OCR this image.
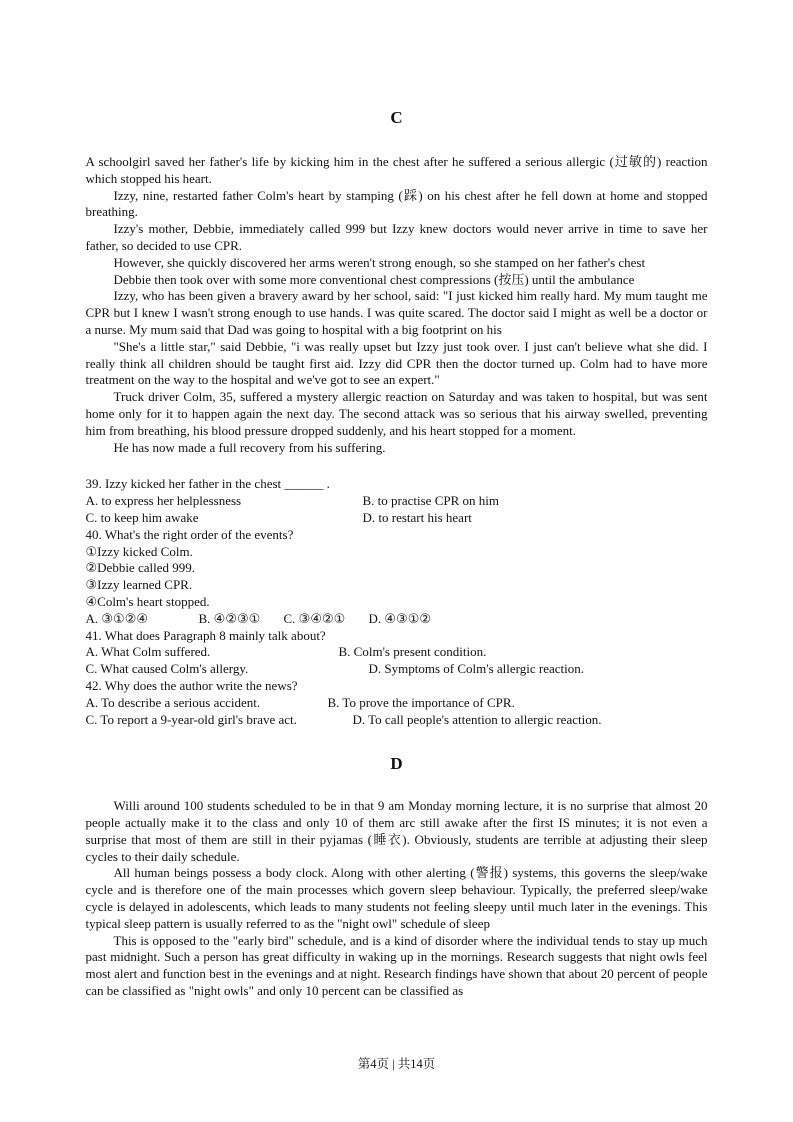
C

A schoolgirl saved her father's life by kicking him in the chest after he suffered a serious allergic (过敏的) reaction which stopped his heart.

Izzy, nine, restarted father Colm's heart by stamping (踩) on his chest after he fell down at home and stopped breathing.

Izzy's mother, Debbie, immediately called 999 but Izzy knew doctors would never arrive in time to save her father, so decided to use CPR.

However, she quickly discovered her arms weren't strong enough, so she stamped on her father's chest

Debbie then took over with some more conventional chest compressions (按压) until the ambulance

Izzy, who has been given a bravery award by her school, said: "I just kicked him really hard. My mum taught me CPR but I knew I wasn't strong enough to use hands. I was quite scared. The doctor said I might as well be a doctor or a nurse. My mum said that Dad was going to hospital with a big footprint on his

"She's a little star," said Debbie, "i was really upset but Izzy just took over. I just can't believe what she did. I really think all children should be taught first aid. Izzy did CPR then the doctor turned up. Colm had to have more treatment on the way to the hospital and we've got to see an expert."

Truck driver Colm, 35, suffered a mystery allergic reaction on Saturday and was taken to hospital, but was sent home only for it to happen again the next day. The second attack was so serious that his airway swelled, preventing him from breathing, his blood pressure dropped suddenly, and his heart stopped for a moment.

He has now made a full recovery from his suffering.

39. Izzy kicked her father in the chest ______ .

A. to express her helplessness	B. to practise CPR on him
C. to keep him awake	D. to restart his heart

40. What's the right order of the events?

①Izzy kicked Colm.

②Debbie called 999.

③Izzy learned CPR.

④Colm's heart stopped.

A. ③①②④	B. ④②③①	C. ③④②①	D. ④③①②

41. What does Paragraph 8 mainly talk about?

A. What Colm suffered.	B. Colm's present condition.
C. What caused Colm's allergy.	D. Symptoms of Colm's allergic reaction.

42. Why does the author write the news?

A. To describe a serious accident.	B. To prove the importance of CPR.
C. To report a 9-year-old girl's brave act.	D. To call people's attention to allergic reaction.
D

Willi around 100 students scheduled to be in that 9 am Monday morning lecture, it is no surprise that almost 20 people actually make it to the class and only 10 of them arc still awake after the first IS minutes; it is not even a surprise that most of them are still in their pyjamas (睡衣). Obviously, students are terrible at adjusting their sleep cycles to their daily schedule.

All human beings possess a body clock. Along with other alerting (警报) systems, this governs the sleep/wake cycle and is therefore one of the main processes which govern sleep behaviour. Typically, the preferred sleep/wake cycle is delayed in adolescents, which leads to many students not feeling sleepy until much later in the evenings. This typical sleep pattern is usually referred to as the "night owl" schedule of sleep

This is opposed to the "early bird" schedule, and is a kind of disorder where the individual tends to stay up much past midnight. Such a person has great difficulty in waking up in the mornings. Research suggests that night owls feel most alert and function best in the evenings and at night. Research findings have shown that about 20 percent of people can be classified as "night owls" and only 10 percent can be classified as

第4页 | 共14页
